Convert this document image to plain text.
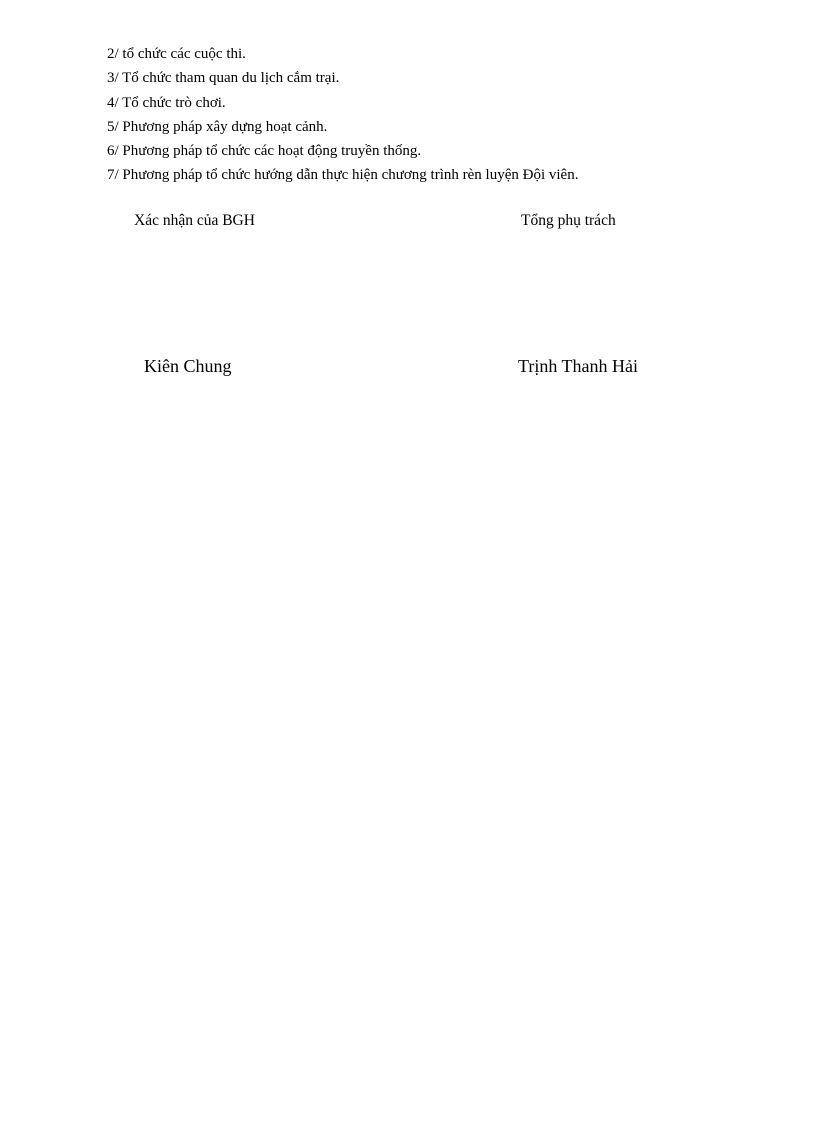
2/ tổ chức các cuộc thi.
3/ Tổ chức tham quan du lịch cắm trại.
4/ Tổ chức trò chơi.
5/ Phương pháp xây dựng hoạt cảnh.
6/ Phương pháp tổ chức các hoạt động truyền thống.
7/ Phương pháp tổ chức hướng dẫn thực hiện chương trình rèn luyện Đội viên.
Xác nhận của BGH
Kiên Chung
Tổng phụ trách
Trịnh Thanh Hải
